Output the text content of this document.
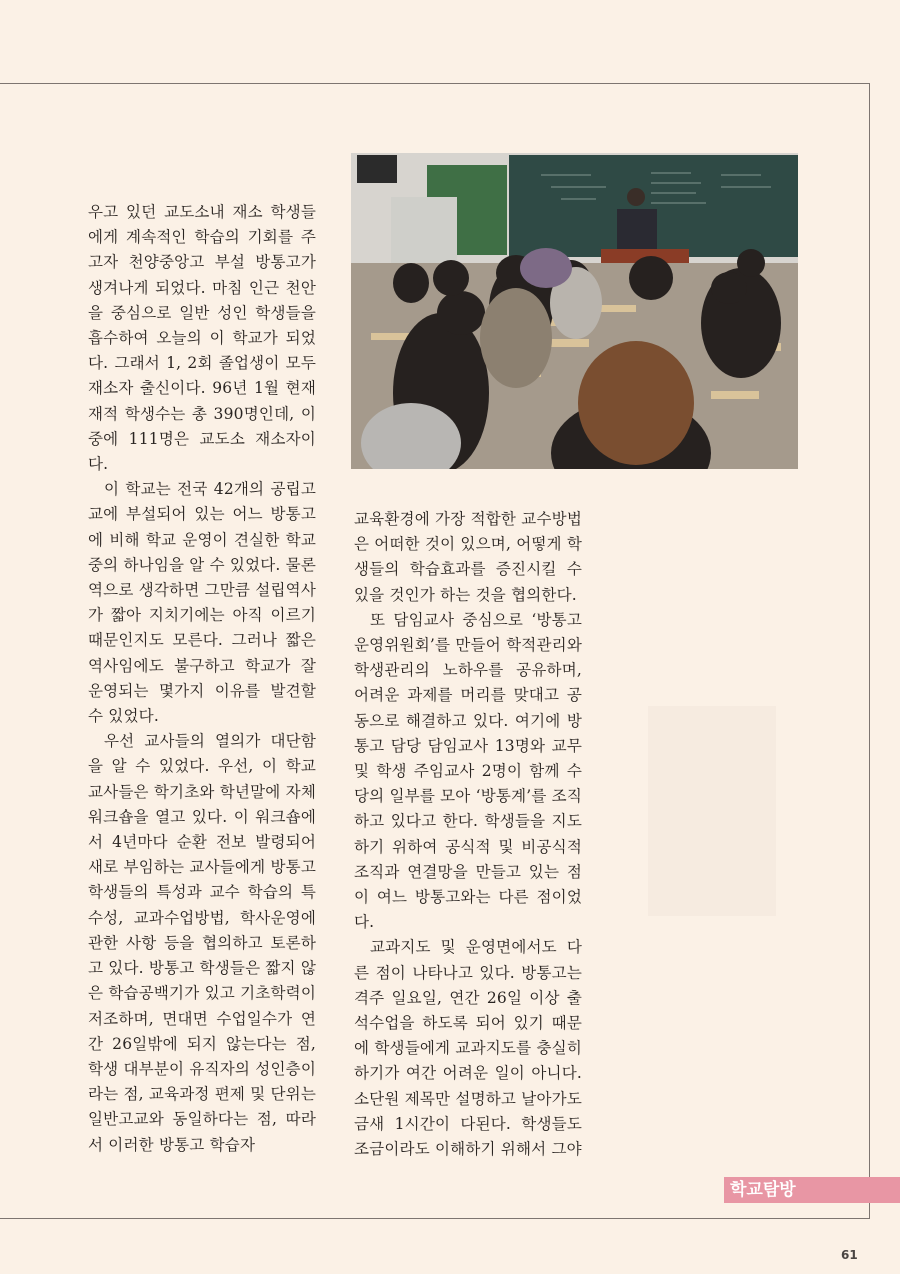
우고 있던 교도소내 재소 학생들에게 계속적인 학습의 기회를 주고자 천양중앙고 부설 방통고가 생겨나게 되었다. 마침 인근 천안을 중심으로 일반 성인 학생들을 흡수하여 오늘의 이 학교가 되었다. 그래서 1, 2회 졸업생이 모두 재소자 출신이다. 96년 1월 현재 재적 학생수는 총 390명인데, 이 중에 111명은 교도소 재소자이다.

이 학교는 전국 42개의 공립고교에 부설되어 있는 어느 방통고에 비해 학교 운영이 견실한 학교 중의 하나임을 알 수 있었다. 물론 역으로 생각하면 그만큼 설립역사가 짧아 지치기에는 아직 이르기 때문인지도 모른다. 그러나 짧은 역사임에도 불구하고 학교가 잘 운영되는 몇가지 이유를 발견할 수 있었다.

우선 교사들의 열의가 대단함을 알 수 있었다. 우선, 이 학교 교사들은 학기초와 학년말에 자체 워크숍을 열고 있다. 이 워크숍에서 4년마다 순환 전보 발령되어 새로 부임하는 교사들에게 방통고 학생들의 특성과 교수 학습의 특수성, 교과수업방법, 학사운영에 관한 사항 등을 협의하고 토론하고 있다. 방통고 학생들은 짧지 않은 학습공백기가 있고 기초학력이 저조하며, 면대면 수업일수가 연간 26일밖에 되지 않는다는 점, 학생 대부분이 유직자의 성인층이라는 점, 교육과정 편제 및 단위는 일반고교와 동일하다는 점, 따라서 이러한 방통고 학습자

교육환경에 가장 적합한 교수방법은 어떠한 것이 있으며, 어떻게 학생들의 학습효과를 증진시킬 수 있을 것인가 하는 것을 협의한다.

또 담임교사 중심으로 ‘방통고 운영위원회’를 만들어 학적관리와 학생관리의 노하우를 공유하며, 어려운 과제를 머리를 맞대고 공동으로 해결하고 있다. 여기에 방통고 담당 담임교사 13명와 교무 및 학생 주임교사 2명이 함께 수당의 일부를 모아 ‘방통계’를 조직하고 있다고 한다. 학생들을 지도하기 위하여 공식적 및 비공식적 조직과 연결망을 만들고 있는 점이 여느 방통고와는 다른 점이었다.

교과지도 및 운영면에서도 다른 점이 나타나고 있다. 방통고는 격주 일요일, 연간 26일 이상 출석수업을 하도록 되어 있기 때문에 학생들에게 교과지도를 충실히 하기가 여간 어려운 일이 아니다. 소단원 제목만 설명하고 날아가도 금새 1시간이 다된다. 학생들도 조금이라도 이해하기 위해서 그야

학교탐방
61
